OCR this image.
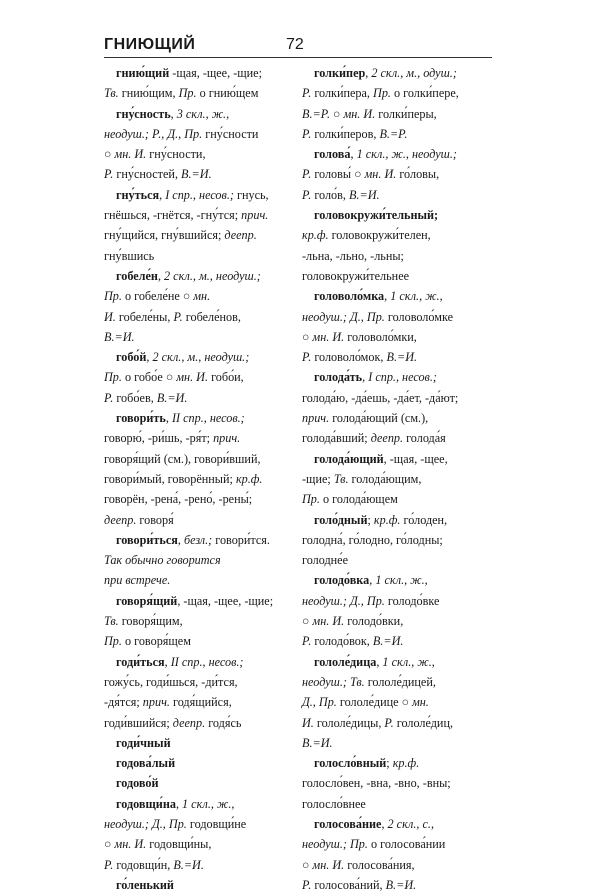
ГНИЮЩИЙ	72
гнию́щий -щая, -щее, -щие;
Тв. гнию́щим, Пр. о гнию́щем
гну́сность, 3 скл., ж.,
неодуш.; Р., Д., Пр. гну́сности
○ мн. И. гну́сности,
Р. гну́сностей, В.=И.
гну́ться, I спр., несов.; гнусь,
гнёшься, -гнётся, -гну́тся; прич.
гну́щийся, гну́вшийся; деепр.
гну́вшись
гобеле́н, 2 скл., м., неодуш.;
Пр. о гобеле́не ○ мн.
И. гобеле́ны, Р. гобеле́нов,
В.=И.
гобо́й, 2 скл., м., неодуш.;
Пр. о гобо́е ○ мн. И. гобо́и,
Р. гобо́ев, В.=И.
говори́ть, II спр., несов.;
говорю́, -ри́шь, -ря́т; прич.
говоря́щий (см.), говори́вший,
говори́мый, говорённый; кр.ф.
говорён, -рена́, -рено́, -рены́;
деепр. говоря́
говори́ться, безл.; говори́тся.
Так обычно говорится
при встрече.
говоря́щий, -щая, -щее, -щие;
Тв. говоря́щим,
Пр. о говоря́щем
годи́ться, II спр., несов.;
гожу́сь, годи́шься, -ди́тся,
-дя́тся; прич. годя́щийся,
годи́вшийся; деепр. годя́сь
годи́чный
годова́лый
годово́й
годовщи́на, 1 скл., ж.,
неодуш.; Д., Пр. годовщи́не
○ мн. И. годовщи́ны,
Р. годовщи́н, В.=И.
го́ленький
голки́пер, 2 скл., м., одуш.;
Р. голки́пера, Пр. о голки́пере,
В.=Р. ○ мн. И. голки́перы,
Р. голки́перов, В.=Р.
голова́, 1 скл., ж., неодуш.;
Р. головы́ ○ мн. И. го́ловы,
Р. голо́в, В.=И.
головокружи́тельный;
кр.ф. головокружи́телен,
-льна, -льно, -льны;
головокружи́тельнее
головоло́мка, 1 скл., ж.,
неодуш.; Д., Пр. головоло́мке
○ мн. И. головоло́мки,
Р. головоло́мок, В.=И.
голода́ть, I спр., несов.;
голода́ю, -да́ешь, -да́ет, -да́ют;
прич. голода́ющий (см.),
голода́вший; деепр. голода́я
голода́ющий, -щая, -щее,
-щие; Тв. голода́ющим,
Пр. о голода́ющем
голо́дный; кр.ф. го́лоден,
голодна́, го́лодно, го́лодны;
голодне́е
голодо́вка, 1 скл., ж.,
неодуш.; Д., Пр. голодо́вке
○ мн. И. голодо́вки,
Р. голодо́вок, В.=И.
гололе́дица, 1 скл., ж.,
неодуш.; Тв. гололе́дицей,
Д., Пр. гололе́дице ○ мн.
И. гололе́дицы, Р. гололе́диц,
В.=И.
голосло́вный; кр.ф.
голосло́вен, -вна, -вно, -вны;
голосло́внее
голосова́ние, 2 скл., с.,
неодуш.; Пр. о голосова́нии
○ мн. И. голосова́ния,
Р. голосова́ний, В.=И.
